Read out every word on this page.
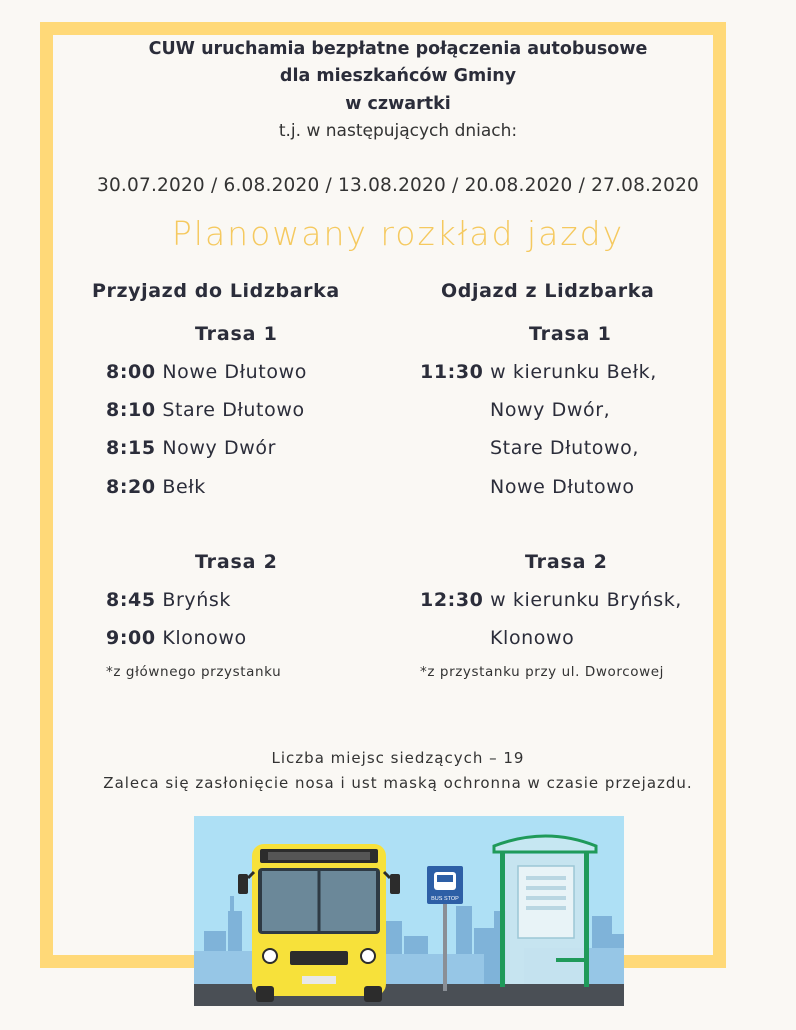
CUW uruchamia bezpłatne połączenia autobusowe
dla mieszkańców Gminy
w czwartki
t.j. w następujących dniach:
30.07.2020 / 6.08.2020 / 13.08.2020 / 20.08.2020 / 27.08.2020
Planowany rozkład jazdy
Przyjazd do Lidzbarka
Trasa 1
8:00 Nowe Dłutowo
8:10 Stare Dłutowo
8:15 Nowy Dwór
8:20 Bełk
Trasa 2
8:45 Bryńsk
9:00 Klonowo
*z głównego przystanku
Odjazd z Lidzbarka
Trasa 1
11:30 w kierunku Bełk,
Nowy Dwór,
Stare Dłutowo,
Nowe Dłutowo
Trasa 2
12:30 w kierunku Bryńsk,
Klonowo
*z przystanku przy ul. Dworcowej
Liczba miejsc siedzących – 19
Zaleca się zasłonięcie nosa i ust maską ochronna w czasie przejazdu.
BUS STOP
